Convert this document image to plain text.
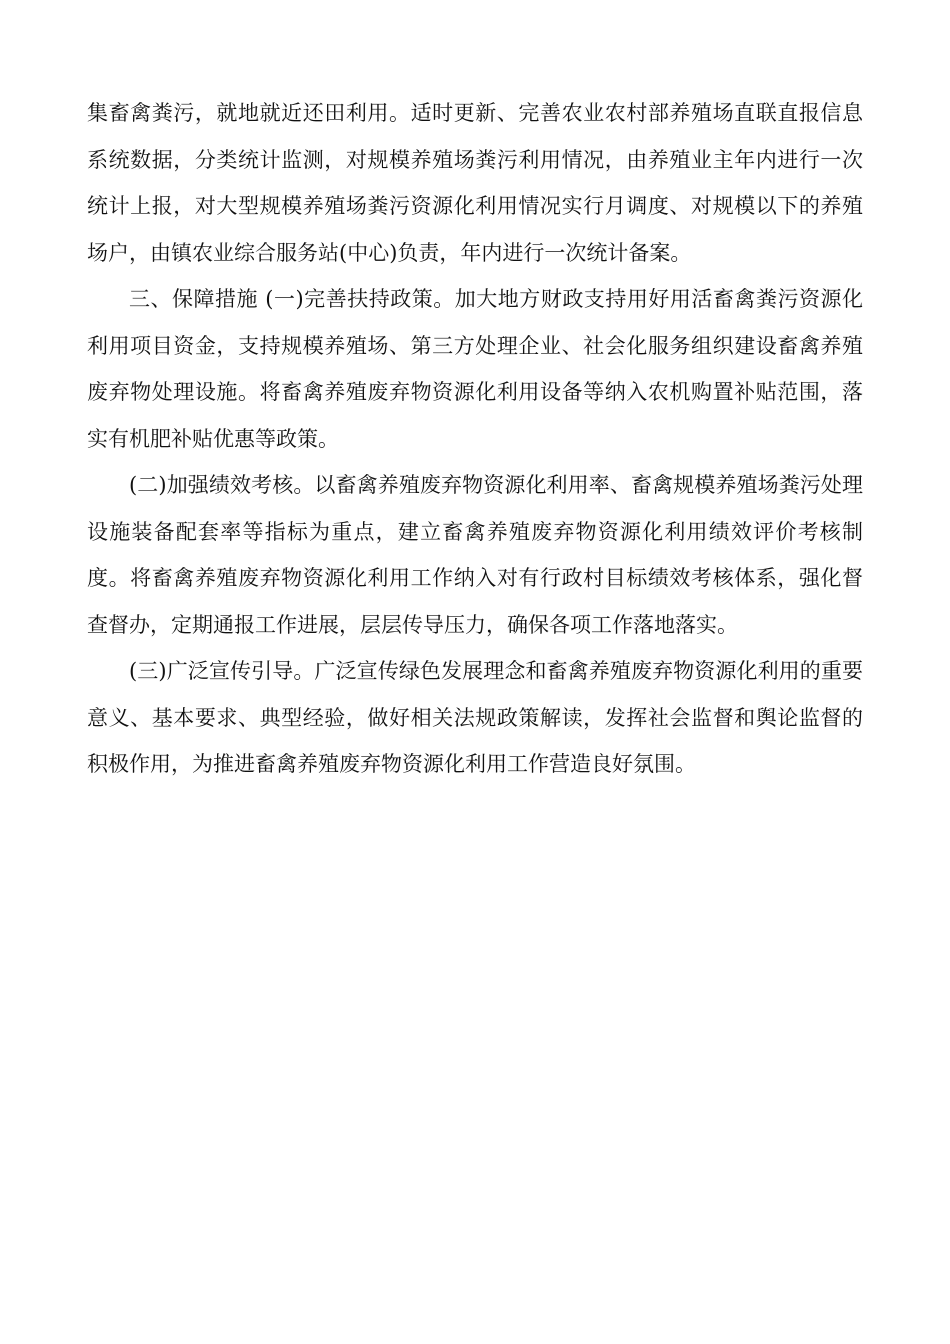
集畜禽粪污，就地就近还田利用。适时更新、完善农业农村部养殖场直联直报信息系统数据，分类统计监测，对规模养殖场粪污利用情况，由养殖业主年内进行一次统计上报，对大型规模养殖场粪污资源化利用情况实行月调度、对规模以下的养殖场户，由镇农业综合服务站(中心)负责，年内进行一次统计备案。

三、保障措施 (一)完善扶持政策。加大地方财政支持用好用活畜禽粪污资源化利用项目资金，支持规模养殖场、第三方处理企业、社会化服务组织建设畜禽养殖废弃物处理设施。将畜禽养殖废弃物资源化利用设备等纳入农机购置补贴范围，落实有机肥补贴优惠等政策。

(二)加强绩效考核。以畜禽养殖废弃物资源化利用率、畜禽规模养殖场粪污处理设施装备配套率等指标为重点，建立畜禽养殖废弃物资源化利用绩效评价考核制度。将畜禽养殖废弃物资源化利用工作纳入对有行政村目标绩效考核体系，强化督查督办，定期通报工作进展，层层传导压力，确保各项工作落地落实。

(三)广泛宣传引导。广泛宣传绿色发展理念和畜禽养殖废弃物资源化利用的重要意义、基本要求、典型经验，做好相关法规政策解读，发挥社会监督和舆论监督的积极作用，为推进畜禽养殖废弃物资源化利用工作营造良好氛围。
